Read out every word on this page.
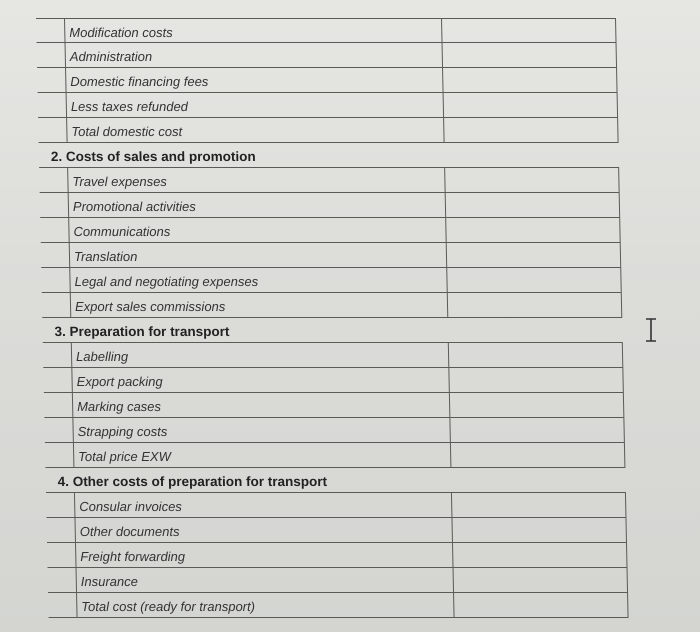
Modification costs
Administration
Domestic financing fees
Less taxes refunded
Total domestic cost
2. Costs of sales and promotion
Travel expenses
Promotional activities
Communications
Translation
Legal and negotiating expenses
Export sales commissions
3. Preparation for transport
Labelling
Export packing
Marking cases
Strapping costs
Total price EXW
4. Other costs of preparation for transport
Consular invoices
Other documents
Freight forwarding
Insurance
Total cost (ready for transport)
